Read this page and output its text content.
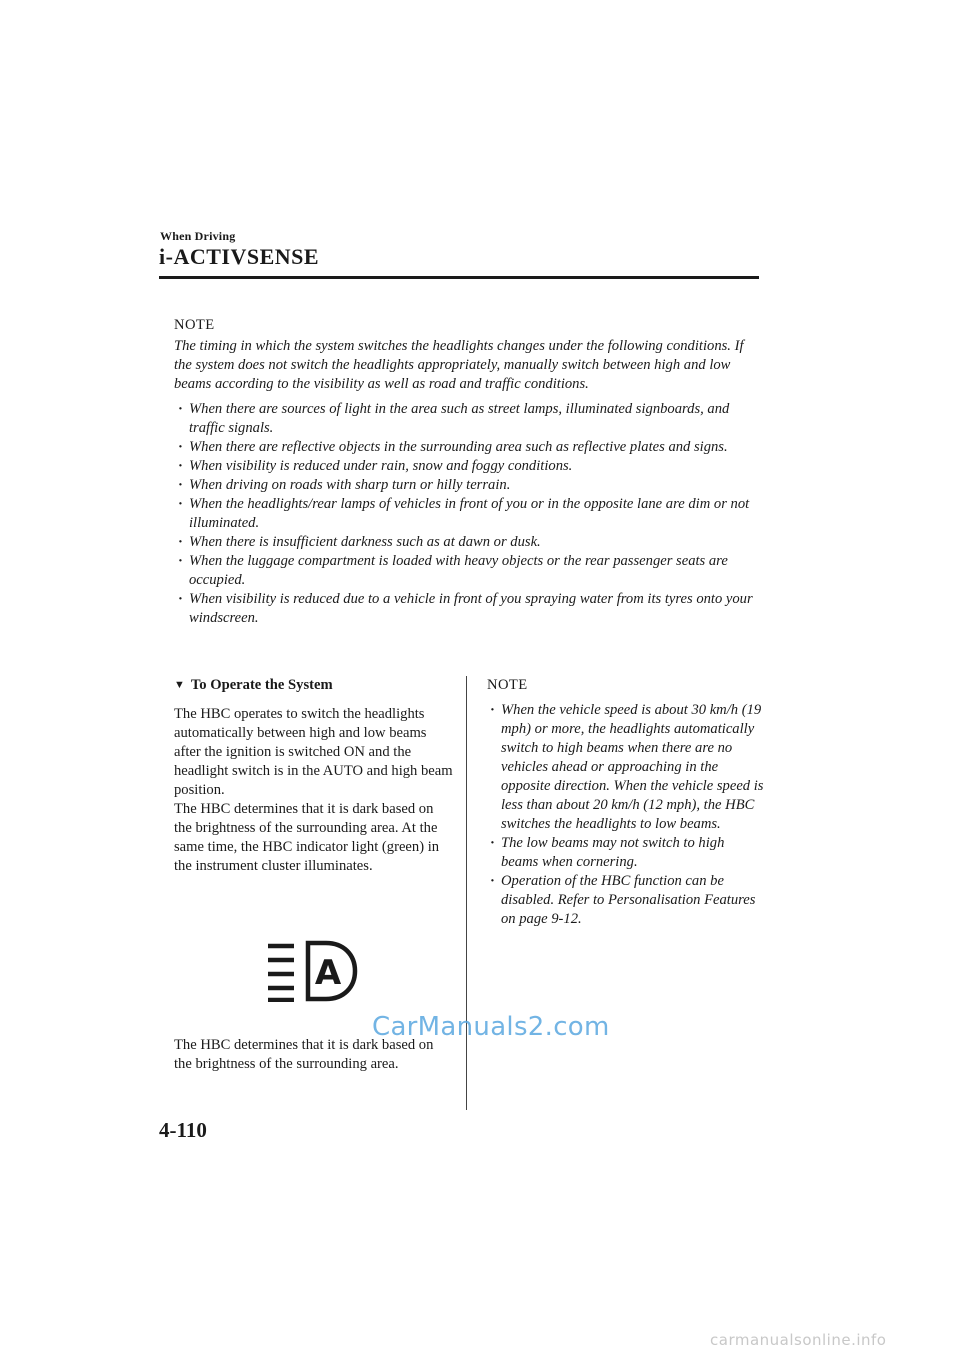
When Driving
i-ACTIVSENSE

NOTE

The timing in which the system switches the headlights changes under the following conditions. If the system does not switch the headlights appropriately, manually switch between high and low beams according to the visibility as well as road and traffic conditions.

· When there are sources of light in the area such as street lamps, illuminated signboards, and traffic signals.
· When there are reflective objects in the surrounding area such as reflective plates and signs.
· When visibility is reduced under rain, snow and foggy conditions.
· When driving on roads with sharp turn or hilly terrain.
· When the headlights/rear lamps of vehicles in front of you or in the opposite lane are dim or not illuminated.
· When there is insufficient darkness such as at dawn or dusk.
· When the luggage compartment is loaded with heavy objects or the rear passenger seats are occupied.
· When visibility is reduced due to a vehicle in front of you spraying water from its tyres onto your windscreen.
▼ To Operate the System

The HBC operates to switch the headlights automatically between high and low beams after the ignition is switched ON and the headlight switch is in the AUTO and high beam position.

The HBC determines that it is dark based on the brightness of the surrounding area. At the same time, the HBC indicator light (green) in the instrument cluster illuminates.

A

The HBC determines that it is dark based on the brightness of the surrounding area.

NOTE

· When the vehicle speed is about 30 km/h (19 mph) or more, the headlights automatically switch to high beams when there are no vehicles ahead or approaching in the opposite direction. When the vehicle speed is less than about 20 km/h (12 mph), the HBC switches the headlights to low beams.
· The low beams may not switch to high beams when cornering.
· Operation of the HBC function can be disabled. Refer to Personalisation Features on page 9-12.
CarManuals2.com
4-110
carmanualsonline.info
